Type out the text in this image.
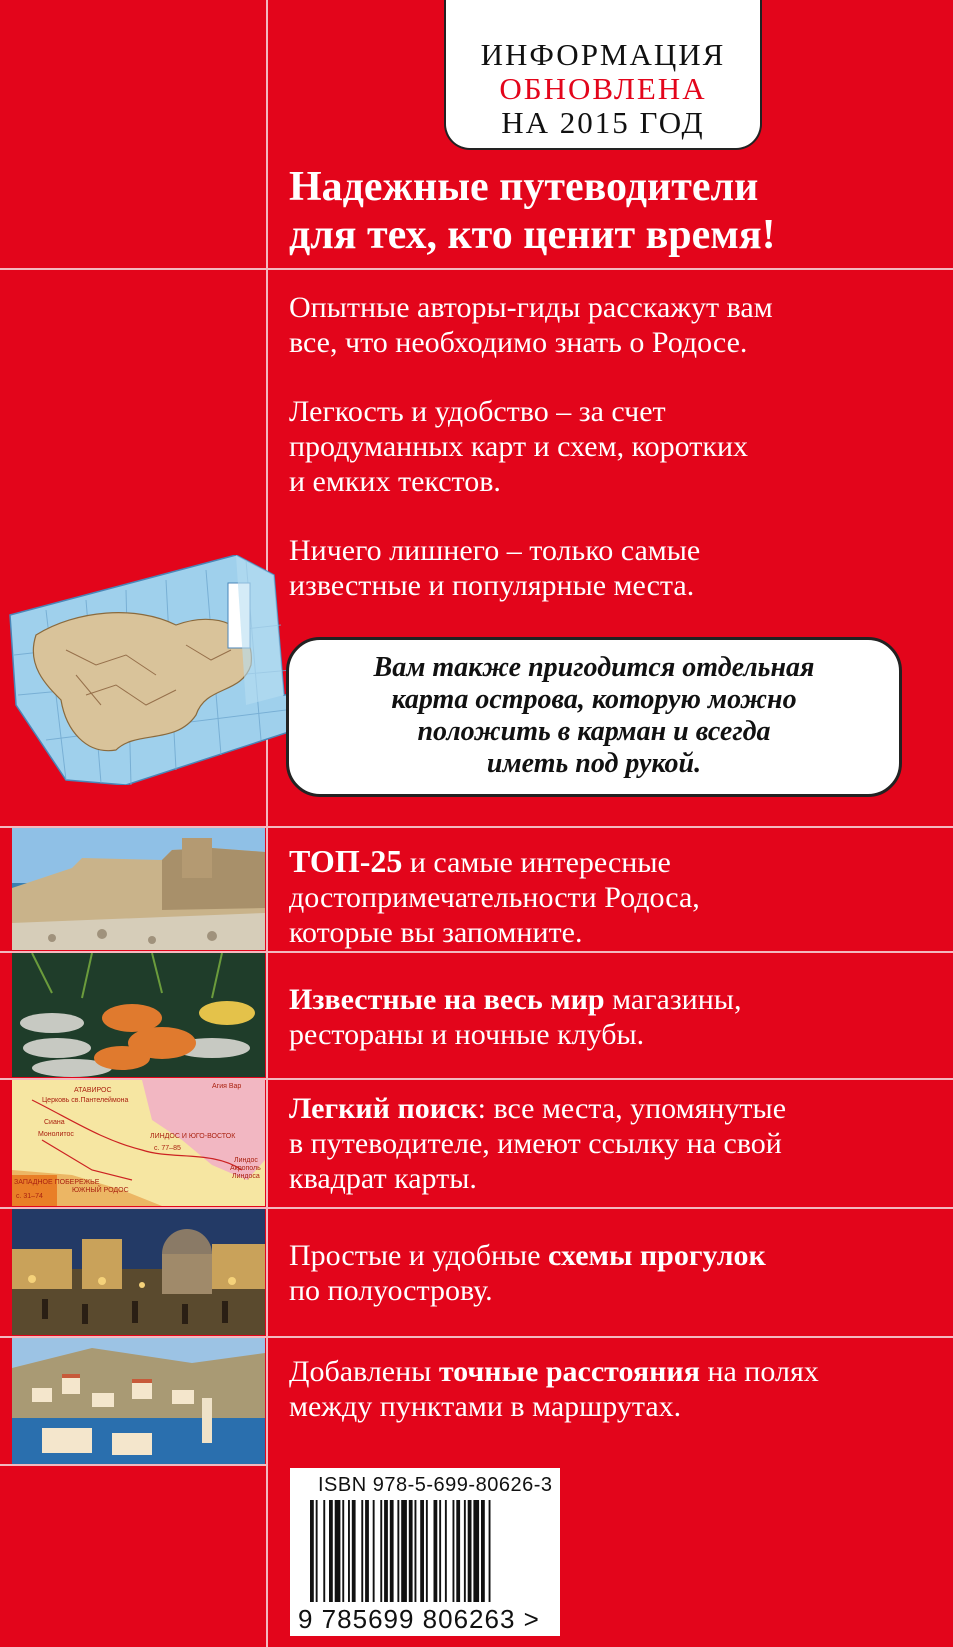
ИНФОРМАЦИЯ
ОБНОВЛЕНА
НА 2015 ГОД
Надежные путеводители
для тех, кто ценит время!
Опытные авторы-гиды расскажут вам
все, что необходимо знать о Родосе.
Легкость и удобство – за счет
продуманных карт и схем, коротких
и емких текстов.
Ничего лишнего – только самые
известные и популярные места.
Вам также пригодится отдельная
карта острова, которую можно
положить в карман и всегда
иметь под рукой.
АТАВИРОС
Церковь св.Пантелеймона
Сиана
Монолитос	ЛИНДОС И ЮГО-ВОСТОК
с. 77–85
ЮЖНЫЙ РОДОС
Линдос
Акрополь
Линдоса
ЗАПАДНОЕ ПОБЕРЕЖЬЕ
с. 31–74
Агия Вар
ТОП-25 и самые интересные
достопримечательности Родоса,
которые вы запомните.
Известные на весь мир магазины,
рестораны и ночные клубы.
Легкий поиск: все места, упомянутые
в путеводителе, имеют ссылку на свой
квадрат карты.
Простые и удобные схемы прогулок
по полуострову.
Добавлены точные расстояния на полях
между пунктами в маршрутах.
ISBN 978-5-699-80626-3
9 785699 806263 >
